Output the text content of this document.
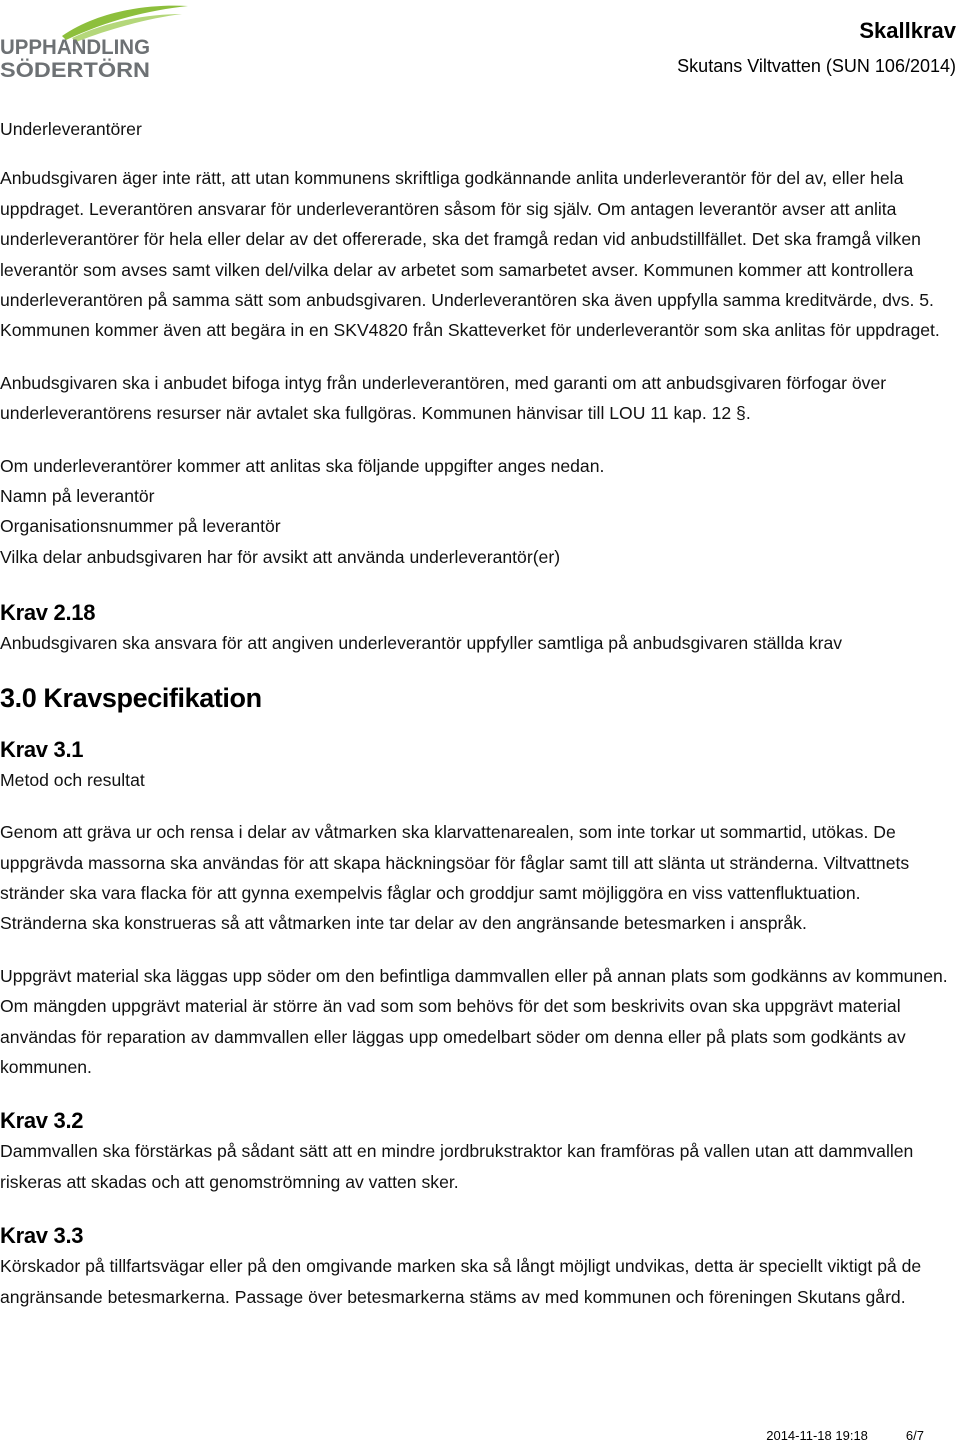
UPPHANDLING
SÖDERTÖRN
Skallkrav
Skutans Viltvatten (SUN 106/2014)

Underleverantörer

Anbudsgivaren äger inte rätt, att utan kommunens skriftliga godkännande anlita underleverantör för del av, eller hela uppdraget. Leverantören ansvarar för underleverantören såsom för sig själv. Om antagen leverantör avser att anlita underleverantörer för hela eller delar av det offererade, ska det framgå redan vid anbudstillfället. Det ska framgå vilken leverantör som avses samt vilken del/vilka delar av arbetet som samarbetet avser. Kommunen kommer att kontrollera underleverantören på samma sätt som anbudsgivaren. Underleverantören ska även uppfylla samma kreditvärde, dvs. 5. Kommunen kommer även att begära in en SKV4820 från Skatteverket för underleverantör som ska anlitas för uppdraget.

Anbudsgivaren ska i anbudet bifoga intyg från underleverantören, med garanti om att anbudsgivaren förfogar över underleverantörens resurser när avtalet ska fullgöras. Kommunen hänvisar till LOU 11 kap. 12 §.

Om underleverantörer kommer att anlitas ska följande uppgifter anges nedan.

Namn på leverantör

Organisationsnummer på leverantör

Vilka delar anbudsgivaren har för avsikt att använda underleverantör(er)

Krav 2.18

Anbudsgivaren ska ansvara för att angiven underleverantör uppfyller samtliga på anbudsgivaren ställda krav

3.0 Kravspecifikation

Krav 3.1

Metod och resultat

Genom att gräva ur och rensa i delar av våtmarken ska klarvattenarealen, som inte torkar ut sommartid, utökas. De uppgrävda massorna ska användas för att skapa häckningsöar för fåglar samt till att slänta ut stränderna. Viltvattnets stränder ska vara flacka för att gynna exempelvis fåglar och groddjur samt möjliggöra en viss vattenfluktuation. Stränderna ska konstrueras så att våtmarken inte tar delar av den angränsande betesmarken i anspråk.

Uppgrävt material ska läggas upp söder om den befintliga dammvallen eller på annan plats som godkänns av kommunen. Om mängden uppgrävt material är större än vad som som behövs för det som beskrivits ovan ska uppgrävt material användas för reparation av dammvallen eller läggas upp omedelbart söder om denna eller på plats som godkänts av kommunen.

Krav 3.2

Dammvallen ska förstärkas på sådant sätt att en mindre jordbrukstraktor kan framföras på vallen utan att dammvallen riskeras att skadas och att genomströmning av vatten sker.

Krav 3.3

Körskador på tillfartsvägar eller på den omgivande marken ska så långt möjligt undvikas, detta är speciellt viktigt på de angränsande betesmarkerna. Passage över betesmarkerna stäms av med kommunen och föreningen Skutans gård.

2014-11-18 19:18	6/7
